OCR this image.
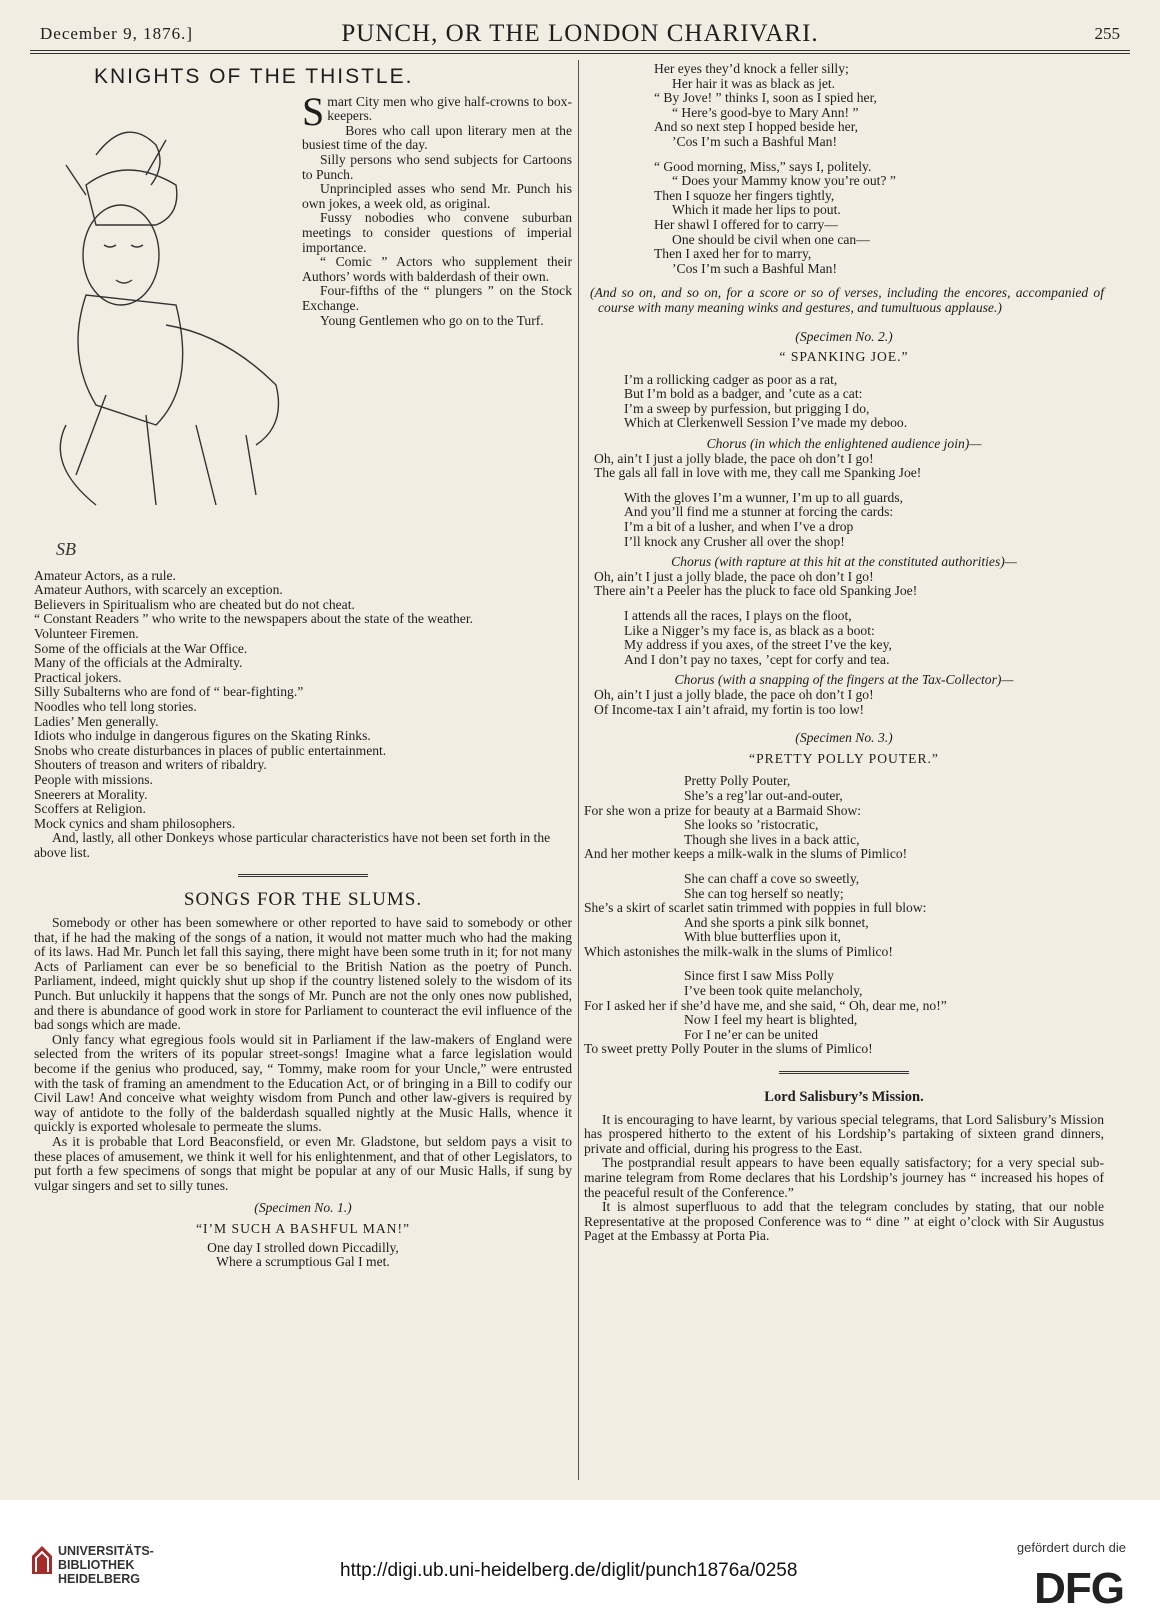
December 9, 1876.]	PUNCH, OR THE LONDON CHARIVARI.	255
KNIGHTS OF THE THISTLE.
SB

Smart City men who give half-crowns to box-keepers.

Bores who call upon literary men at the busiest time of the day.

Silly persons who send subjects for Cartoons to Punch.

Unprincipled asses who send Mr. Punch his own jokes, a week old, as original.

Fussy nobodies who convene suburban meetings to consider questions of imperial importance.

“ Comic ” Actors who supplement their Authors’ words with balderdash of their own.

Four-fifths of the “ plungers ” on the Stock Exchange.

Young Gentlemen who go on to the Turf.

Amateur Actors, as a rule.

Amateur Authors, with scarcely an exception.

Believers in Spiritualism who are cheated but do not cheat.

“ Constant Readers ” who write to the newspapers about the state of the weather.

Volunteer Firemen.

Some of the officials at the War Office.

Many of the officials at the Admiralty.

Practical jokers.

Silly Subalterns who are fond of “ bear-fighting.”

Noodles who tell long stories.

Ladies’ Men generally.

Idiots who indulge in dangerous figures on the Skating Rinks.

Snobs who create disturbances in places of public entertainment.

Shouters of treason and writers of ribaldry.

People with missions.

Sneerers at Morality.

Scoffers at Religion.

Mock cynics and sham philosophers.

And, lastly, all other Donkeys whose particular characteristics have not been set forth in the above list.

SONGS FOR THE SLUMS.

Somebody or other has been somewhere or other reported to have said to somebody or other that, if he had the making of the songs of a nation, it would not matter much who had the making of its laws. Had Mr. Punch let fall this saying, there might have been some truth in it; for not many Acts of Parliament can ever be so beneficial to the British Nation as the poetry of Punch. Parliament, indeed, might quickly shut up shop if the country listened solely to the wisdom of its Punch. But unluckily it happens that the songs of Mr. Punch are not the only ones now published, and there is abundance of good work in store for Parliament to counteract the evil influence of the bad songs which are made.

Only fancy what egregious fools would sit in Parliament if the law-makers of England were selected from the writers of its popular street-songs! Imagine what a farce legislation would become if the genius who produced, say, “ Tommy, make room for your Uncle,” were entrusted with the task of framing an amendment to the Education Act, or of bringing in a Bill to codify our Civil Law! And conceive what weighty wisdom from Punch and other law-givers is required by way of antidote to the folly of the balderdash squalled nightly at the Music Halls, whence it quickly is exported wholesale to permeate the slums.

As it is probable that Lord Beaconsfield, or even Mr. Gladstone, but seldom pays a visit to these places of amusement, we think it well for his enlightenment, and that of other Legislators, to put forth a few specimens of songs that might be popular at any of our Music Halls, if sung by vulgar singers and set to silly tunes.

(Specimen No. 1.)

“I’M SUCH A BASHFUL MAN!”

One day I strolled down Piccadilly,

Where a scrumptious Gal I met.

Her eyes they’d knock a feller silly;

Her hair it was as black as jet.

“ By Jove! ” thinks I, soon as I spied her,

“ Here’s good-bye to Mary Ann! ”

And so next step I hopped beside her,

’Cos I’m such a Bashful Man!

“ Good morning, Miss,” says I, politely.

“ Does your Mammy know you’re out? ”

Then I squoze her fingers tightly,

Which it made her lips to pout.

Her shawl I offered for to carry—

One should be civil when one can—

Then I axed her for to marry,

’Cos I’m such a Bashful Man!

(And so on, and so on, for a score or so of verses, including the encores, accompanied of course with many meaning winks and gestures, and tumultuous applause.)

(Specimen No. 2.)

“ SPANKING JOE.”

I’m a rollicking cadger as poor as a rat,

But I’m bold as a badger, and ’cute as a cat:

I’m a sweep by purfession, but prigging I do,

Which at Clerkenwell Session I’ve made my deboo.

Chorus (in which the enlightened audience join)—

Oh, ain’t I just a jolly blade, the pace oh don’t I go!

The gals all fall in love with me, they call me Spanking Joe!

With the gloves I’m a wunner, I’m up to all guards,

And you’ll find me a stunner at forcing the cards:

I’m a bit of a lusher, and when I’ve a drop

I’ll knock any Crusher all over the shop!

Chorus (with rapture at this hit at the constituted authorities)—

Oh, ain’t I just a jolly blade, the pace oh don’t I go!

There ain’t a Peeler has the pluck to face old Spanking Joe!

I attends all the races, I plays on the floot,

Like a Nigger’s my face is, as black as a boot:

My address if you axes, of the street I’ve the key,

And I don’t pay no taxes, ’cept for corfy and tea.

Chorus (with a snapping of the fingers at the Tax-Collector)—

Oh, ain’t I just a jolly blade, the pace oh don’t I go!

Of Income-tax I ain’t afraid, my fortin is too low!

(Specimen No. 3.)

“PRETTY POLLY POUTER.”

Pretty Polly Pouter,

She’s a reg’lar out-and-outer,

For she won a prize for beauty at a Barmaid Show:

She looks so ’ristocratic,

Though she lives in a back attic,

And her mother keeps a milk-walk in the slums of Pimlico!

She can chaff a cove so sweetly,

She can tog herself so neatly;

She’s a skirt of scarlet satin trimmed with poppies in full blow:

And she sports a pink silk bonnet,

With blue butterflies upon it,

Which astonishes the milk-walk in the slums of Pimlico!

Since first I saw Miss Polly

I’ve been took quite melancholy,

For I asked her if she’d have me, and she said, “ Oh, dear me, no!”

Now I feel my heart is blighted,

For I ne’er can be united

To sweet pretty Polly Pouter in the slums of Pimlico!

Lord Salisbury’s Mission.

It is encouraging to have learnt, by various special telegrams, that Lord Salisbury’s Mission has prospered hitherto to the extent of his Lordship’s partaking of sixteen grand dinners, private and official, during his progress to the East.

The postprandial result appears to have been equally satisfactory; for a very special sub-marine telegram from Rome declares that his Lordship’s journey has “ increased his hopes of the peaceful result of the Conference.”

It is almost superfluous to add that the telegram concludes by stating, that our noble Representative at the proposed Conference was to “ dine ” at eight o’clock with Sir Augustus Paget at the Embassy at Porta Pia.

UNIVERSITÄTS-
BIBLIOTHEK
HEIDELBERG	http://digi.ub.uni-heidelberg.de/diglit/punch1876a/0258
gefördert durch die
DFG
